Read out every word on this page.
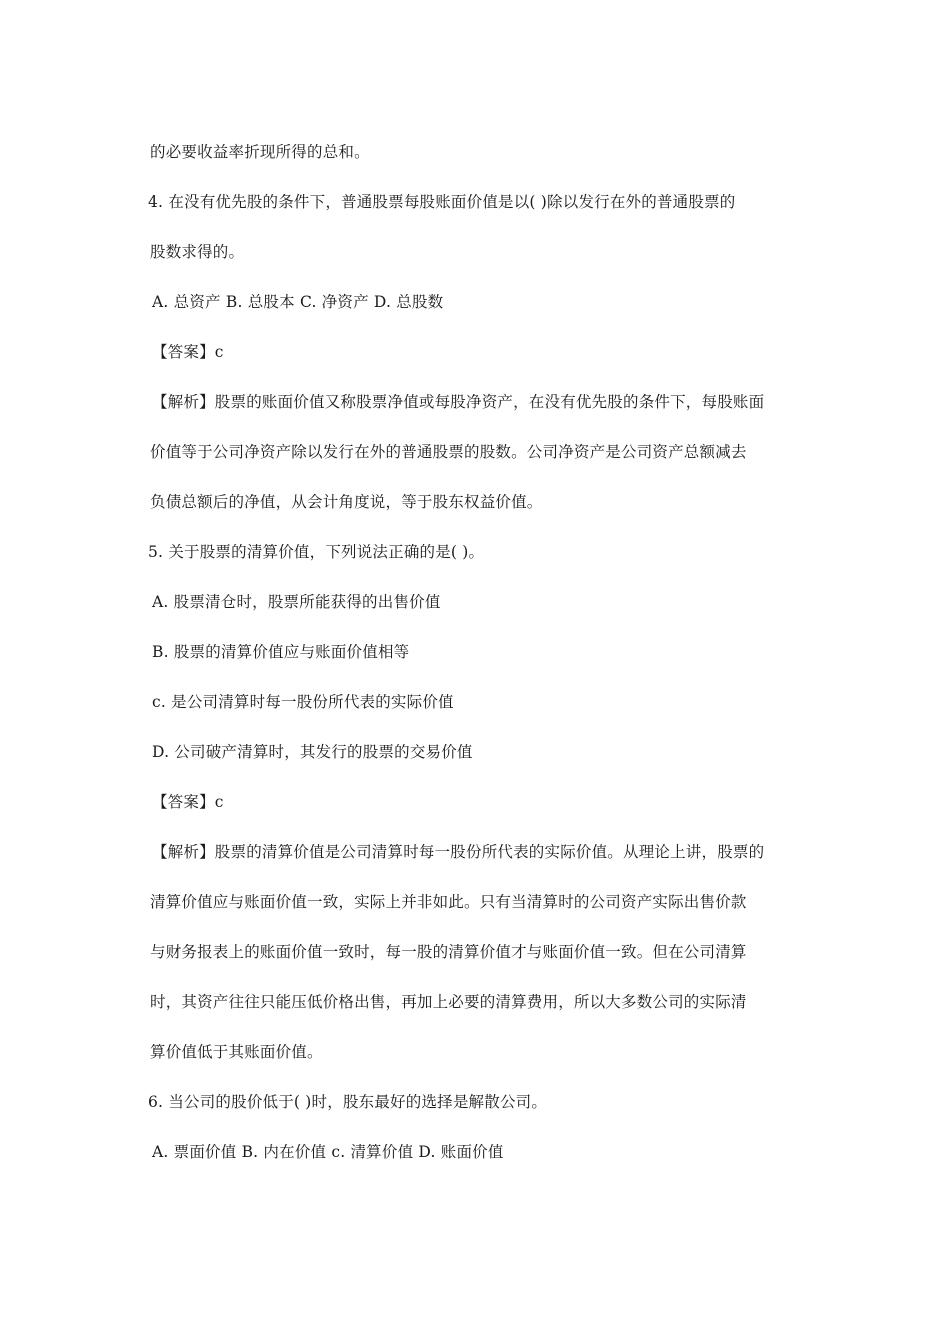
的必要收益率折现所得的总和。
4. 在没有优先股的条件下，普通股票每股账面价值是以( )除以发行在外的普通股票的
股数求得的。
A. 总资产 B. 总股本 C. 净资产 D. 总股数
【答案】c
【解析】股票的账面价值又称股票净值或每股净资产，在没有优先股的条件下，每股账面
价值等于公司净资产除以发行在外的普通股票的股数。公司净资产是公司资产总额减去
负债总额后的净值，从会计角度说，等于股东权益价值。
5. 关于股票的清算价值，下列说法正确的是( )。
A. 股票清仓时，股票所能获得的出售价值
B. 股票的清算价值应与账面价值相等
c. 是公司清算时每一股份所代表的实际价值
D. 公司破产清算时，其发行的股票的交易价值
【答案】c
【解析】股票的清算价值是公司清算时每一股份所代表的实际价值。从理论上讲，股票的
清算价值应与账面价值一致，实际上并非如此。只有当清算时的公司资产实际出售价款
与财务报表上的账面价值一致时，每一股的清算价值才与账面价值一致。但在公司清算
时，其资产往往只能压低价格出售，再加上必要的清算费用，所以大多数公司的实际清
算价值低于其账面价值。
6. 当公司的股价低于( )时，股东最好的选择是解散公司。
A. 票面价值 B. 内在价值 c. 清算价值 D. 账面价值
